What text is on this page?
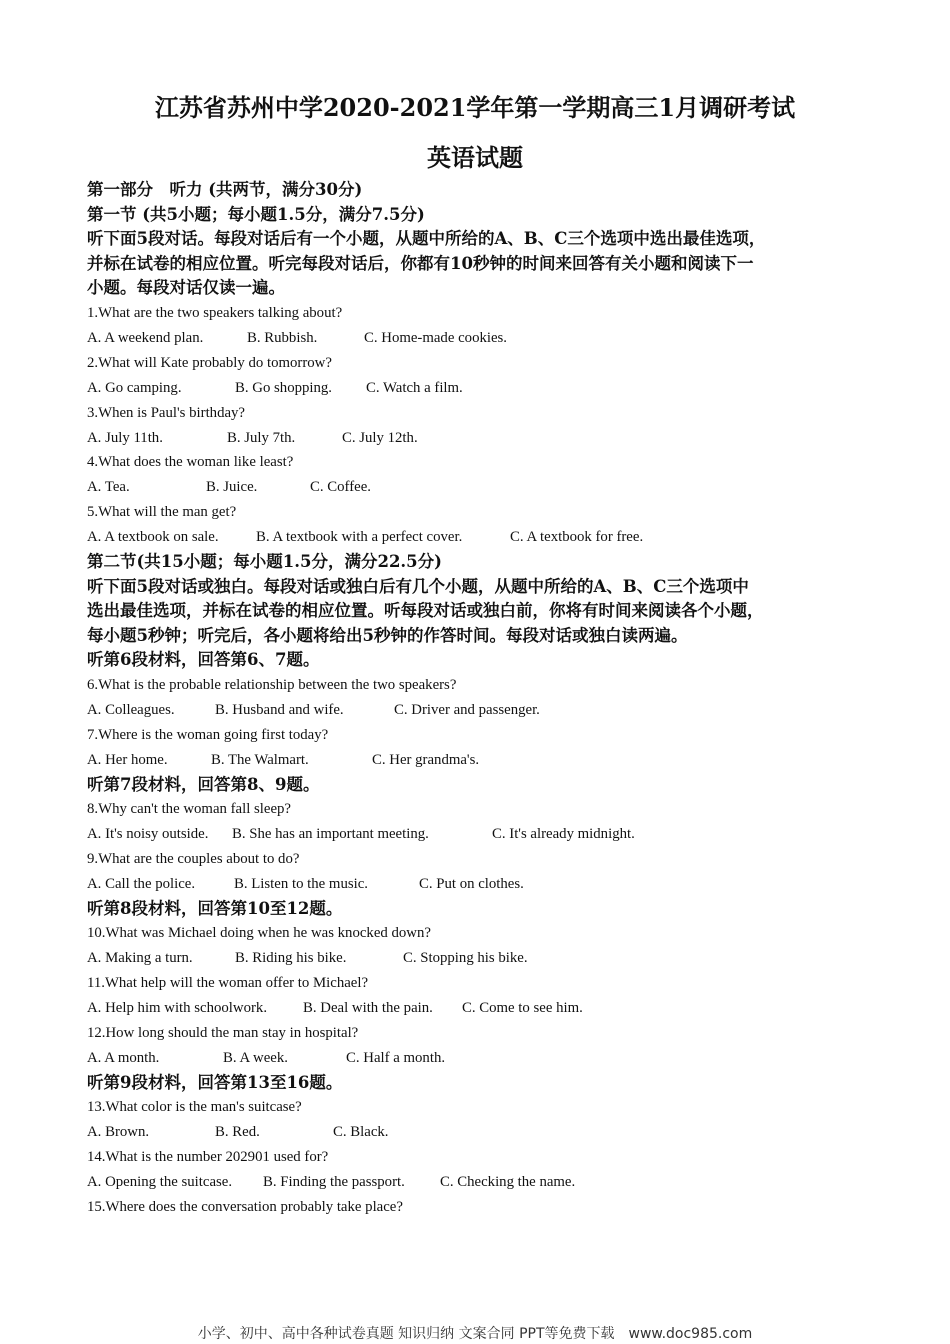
江苏省苏州中学2020-2021学年第一学期高三1月调研考试
英语试题
第一部分　听力 (共两节，满分30分)
第一节 (共5小题；每小题1.5分，满分7.5分)
听下面5段对话。每段对话后有一个小题，从题中所给的A、B、C三个选项中选出最佳选项，
并标在试卷的相应位置。听完每段对话后，你都有10秒钟的时间来回答有关小题和阅读下一
小题。每段对话仅读一遍。
1.What are the two speakers talking about?
A. A weekend plan.	B. Rubbish.	C. Home-made cookies.
2.What will Kate probably do tomorrow?
A. Go camping.	B. Go shopping. C. Watch a film.
3.When is Paul's birthday?
A. July 11th.	B. July 7th.	C. July 12th.
4.What does the woman like least?
A. Tea.	B. Juice.	C. Coffee.
5.What will the man get?
A. A textbook on sale.	B. A textbook with a perfect cover.	C. A textbook for free.
第二节(共15小题；每小题1.5分，满分22.5分)
听下面5段对话或独白。每段对话或独白后有几个小题，从题中所给的A、B、C三个选项中
选出最佳选项，并标在试卷的相应位置。听每段对话或独白前，你将有时间来阅读各个小题，
每小题5秒钟；听完后，各小题将给出5秒钟的作答时间。每段对话或独白读两遍。
听第6段材料，回答第6、7题。
6.What is the probable relationship between the two speakers?
A. Colleagues.	B. Husband and wife.	C. Driver and passenger.
7.Where is the woman going first today?
A. Her home.	B. The Walmart.	C. Her grandma's.
听第7段材料，回答第8、9题。
8.Why can't the woman fall sleep?
A. It's noisy outside. B. She has an important meeting.	C. It's already midnight.
9.What are the couples about to do?
A. Call the police.	B. Listen to the music.	C. Put on clothes.
听第8段材料，回答第10至12题。
10.What was Michael doing when he was knocked down?
A. Making a turn.	B. Riding his bike.	C. Stopping his bike.
11.What help will the woman offer to Michael?
A. Help him with schoolwork. B. Deal with the pain. C. Come to see him.
12.How long should the man stay in hospital?
A. A month.	B. A week.	C. Half a month.
听第9段材料，回答第13至16题。
13.What color is the man's suitcase?
A. Brown.	B. Red.	C. Black.
14.What is the number 202901 used for?
A. Opening the suitcase. B. Finding the passport. C. Checking the name.
15.Where does the conversation probably take place?
小学、初中、高中各种试卷真题 知识归纳 文案合同 PPT等免费下载　www.doc985.com
